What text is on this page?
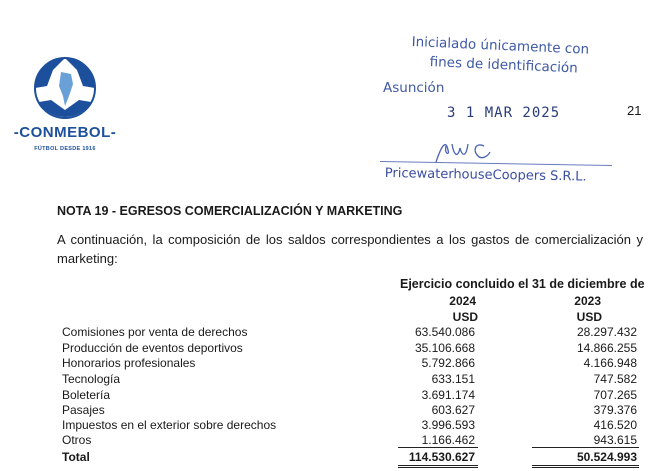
-CONMEBOL-
FÚTBOL DESDE 1916
Inicialado únicamente con
fines de identificación
Asunción
3 1 MAR 2025
PricewaterhouseCoopers S.R.L.
21
NOTA 19 - EGRESOS COMERCIALIZACIÓN Y MARKETING
A continuación, la composición de los saldos correspondientes a los gastos de comercialización y marketing:
Ejercicio concluido el 31 de diciembre de
2024	2023
USD	USD
Comisiones por venta de derechos	63.540.086	28.297.432
Producción de eventos deportivos	35.106.668	14.866.255
Honorarios profesionales	5.792.866	4.166.948
Tecnología	633.151	747.582
Boletería	3.691.174	707.265
Pasajes	603.627	379.376
Impuestos en el exterior sobre derechos	3.996.593	416.520
Otros	1.166.462	943.615
Total	114.530.627	50.524.993
